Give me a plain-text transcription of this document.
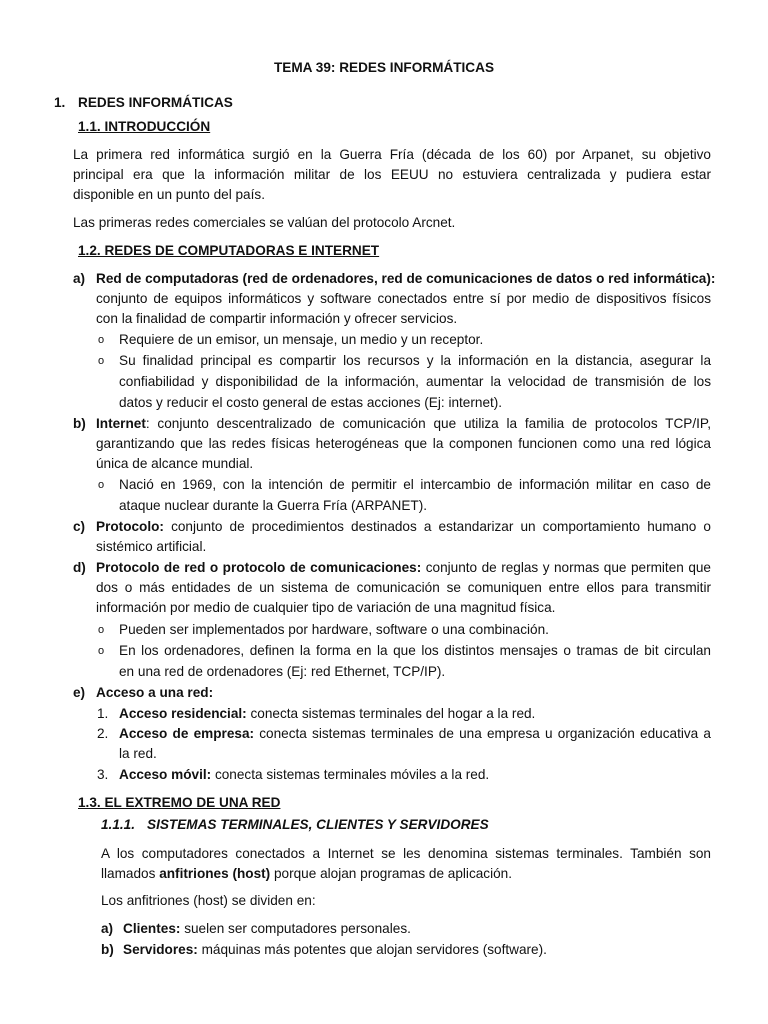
TEMA 39: REDES INFORMÁTICAS
1. REDES INFORMÁTICAS
1.1. INTRODUCCIÓN
La primera red informática surgió en la Guerra Fría (década de los 60) por Arpanet, su objetivo
principal era que la información militar de los EEUU no estuviera centralizada y pudiera estar
disponible en un punto del país.
Las primeras redes comerciales se valúan del protocolo Arcnet.
1.2. REDES DE COMPUTADORAS E INTERNET
a) Red de computadoras (red de ordenadores, red de comunicaciones de datos o red informática):
conjunto de equipos informáticos y software conectados entre sí por medio de dispositivos físicos
con la finalidad de compartir información y ofrecer servicios.
o Requiere de un emisor, un mensaje, un medio y un receptor.
o Su finalidad principal es compartir los recursos y la información en la distancia, asegurar la
confiabilidad y disponibilidad de la información, aumentar la velocidad de transmisión de los
datos y reducir el costo general de estas acciones (Ej: internet).
b) Internet: conjunto descentralizado de comunicación que utiliza la familia de protocolos TCP/IP,
garantizando que las redes físicas heterogéneas que la componen funcionen como una red lógica
única de alcance mundial.
o Nació en 1969, con la intención de permitir el intercambio de información militar en caso de
ataque nuclear durante la Guerra Fría (ARPANET).
c) Protocolo: conjunto de procedimientos destinados a estandarizar un comportamiento humano o
sistémico artificial.
d) Protocolo de red o protocolo de comunicaciones: conjunto de reglas y normas que permiten que
dos o más entidades de un sistema de comunicación se comuniquen entre ellos para transmitir
información por medio de cualquier tipo de variación de una magnitud física.
o Pueden ser implementados por hardware, software o una combinación.
o En los ordenadores, definen la forma en la que los distintos mensajes o tramas de bit circulan
en una red de ordenadores (Ej: red Ethernet, TCP/IP).
e) Acceso a una red:
1. Acceso residencial: conecta sistemas terminales del hogar a la red.
2. Acceso de empresa: conecta sistemas terminales de una empresa u organización educativa a
la red.
3. Acceso móvil: conecta sistemas terminales móviles a la red.
1.3. EL EXTREMO DE UNA RED
1.1.1. SISTEMAS TERMINALES, CLIENTES Y SERVIDORES
A los computadores conectados a Internet se les denomina sistemas terminales. También son
llamados anfitriones (host) porque alojan programas de aplicación.
Los anfitriones (host) se dividen en:
a) Clientes: suelen ser computadores personales.
b) Servidores: máquinas más potentes que alojan servidores (software).
